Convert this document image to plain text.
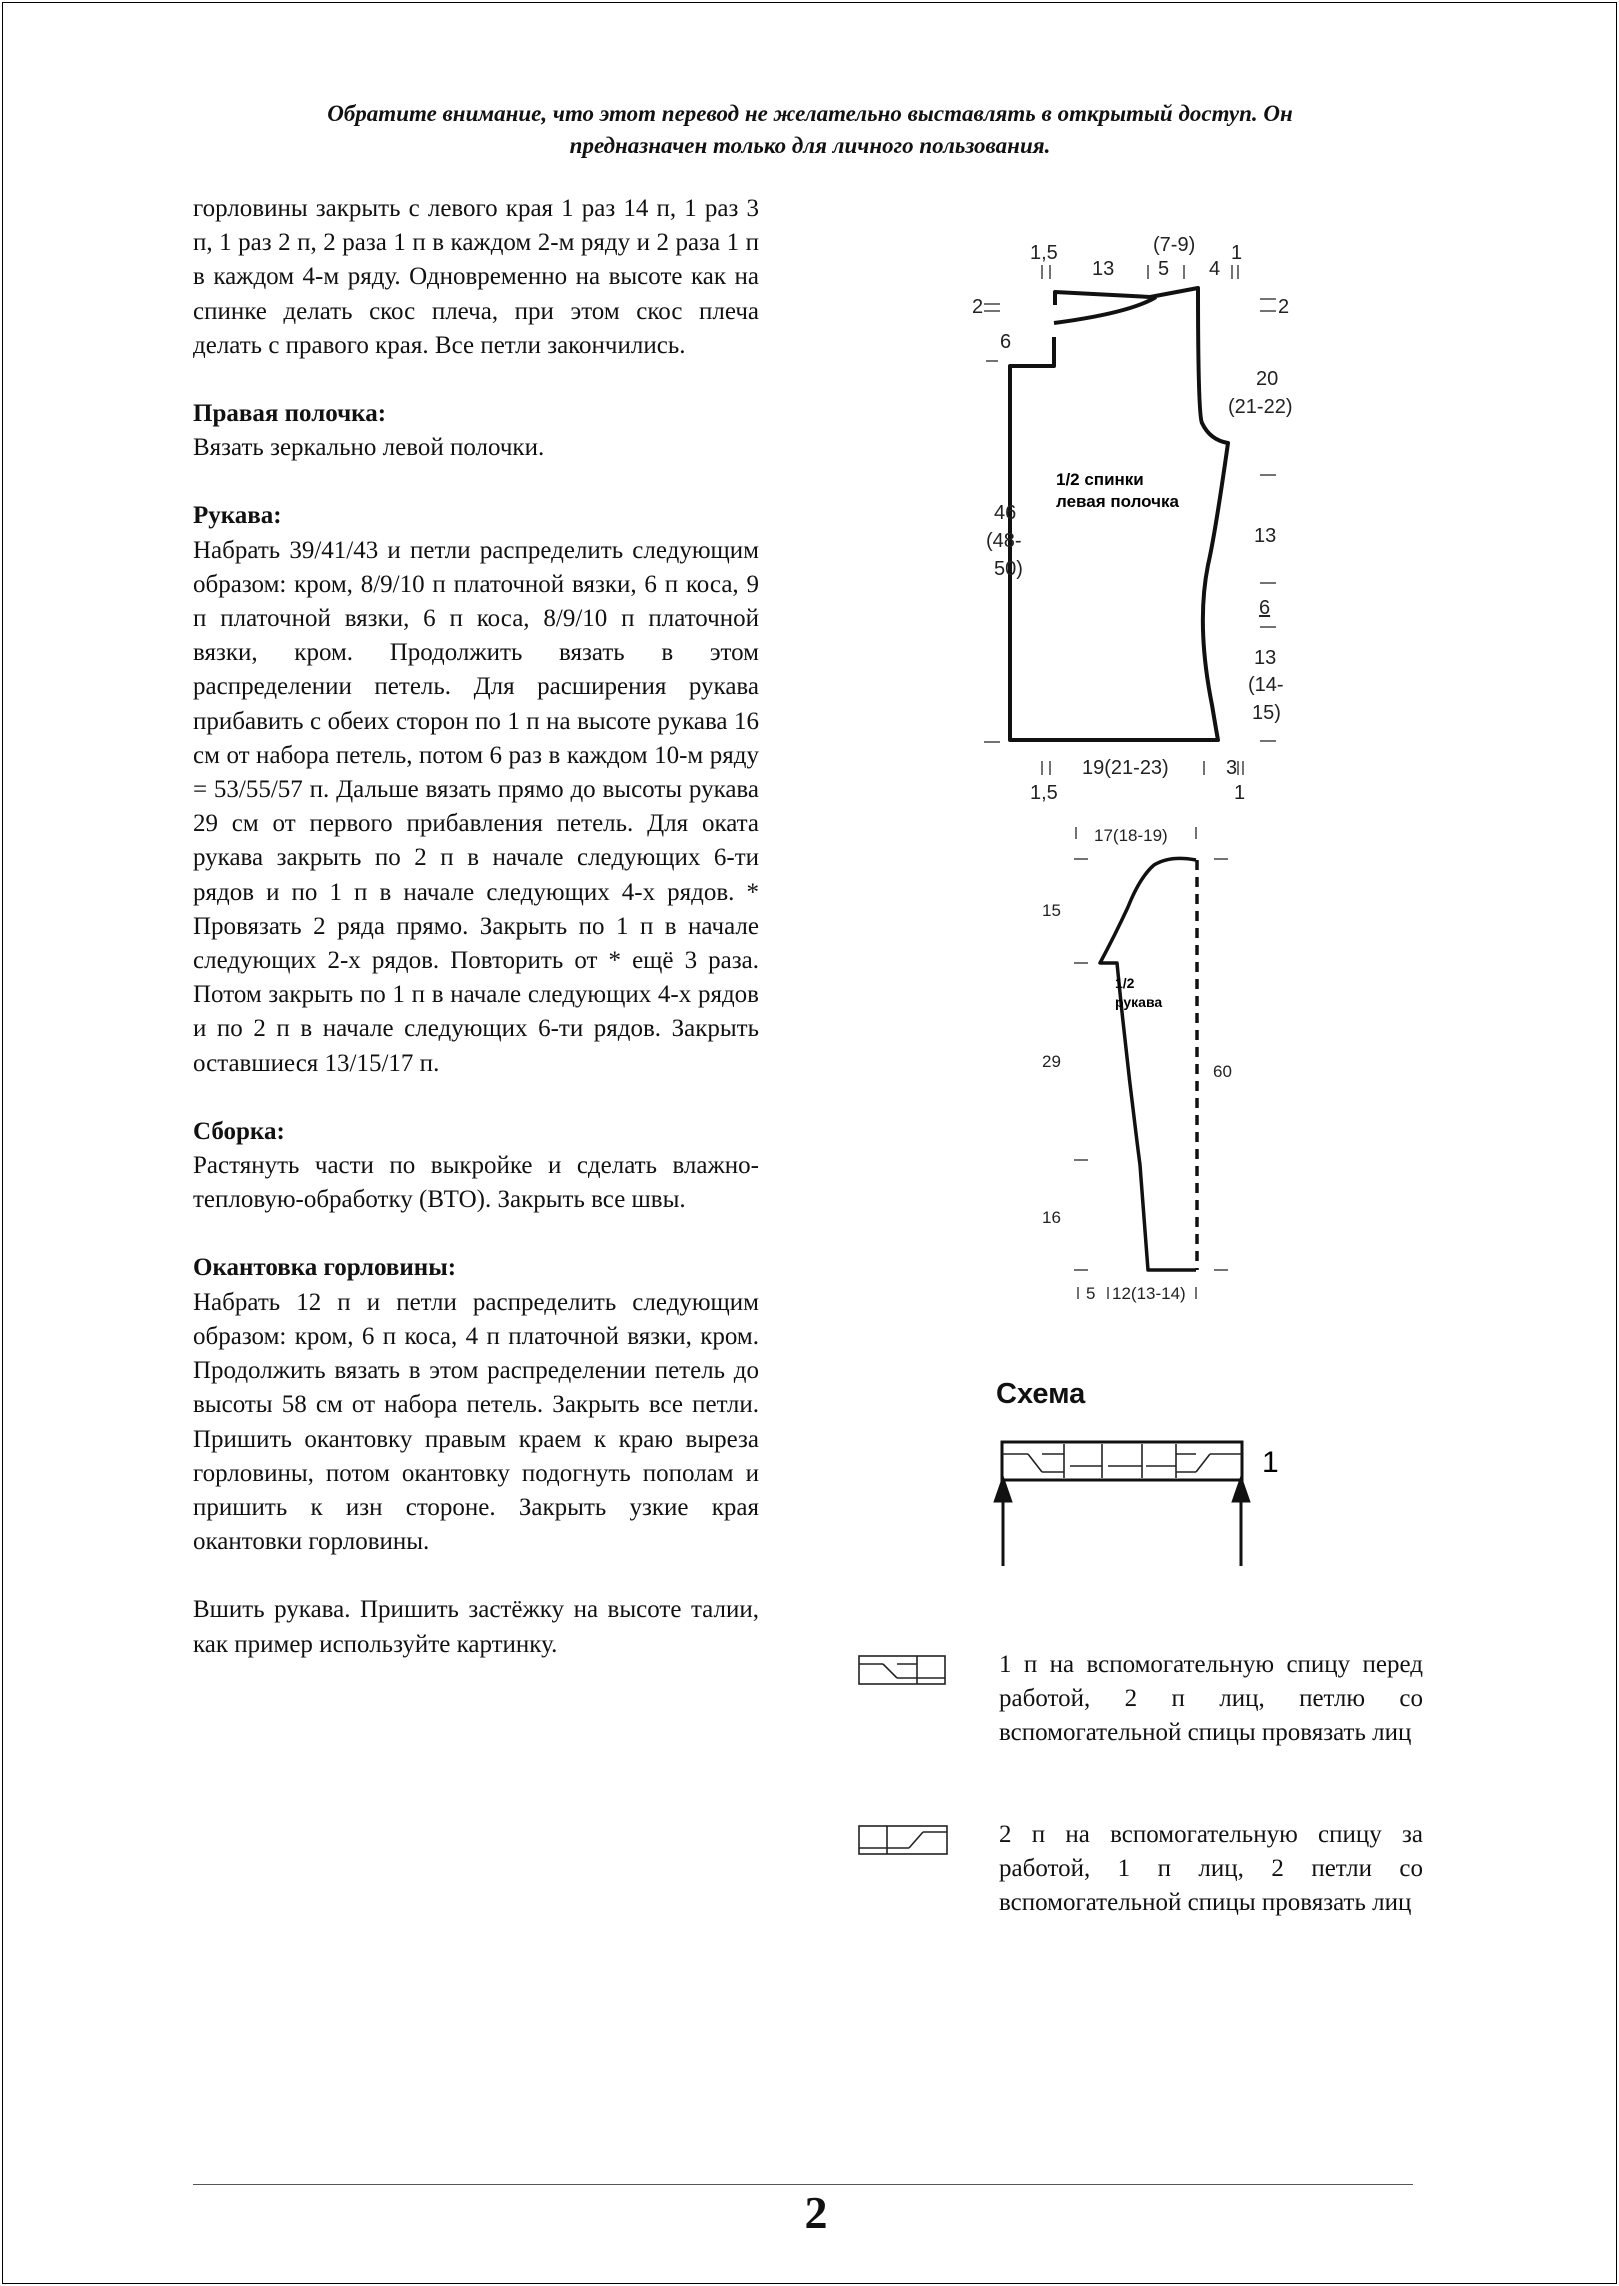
Обратите внимание, что этот перевод не желательно выставлять в открытый доступ. Он
предназначен только для личного пользования.

горловины закрыть с левого края 1 раз 14 п, 1 раз 3 п, 1 раз 2 п, 2 раза 1 п в каждом 2-м ряду и 2 раза 1 п в каждом 4-м ряду. Одновременно на высоте как на спинке делать скос плеча, при этом скос плеча делать с правого края. Все петли закончились.

Правая полочка:

Вязать зеркально левой полочки.

Рукава:

Набрать 39/41/43 и петли распределить следующим образом: кром, 8/9/10 п платочной вязки, 6 п коса, 9 п платочной вязки, 6 п коса, 8/9/10 п платочной вязки, кром. Продолжить вязать в этом распределении петель. Для расширения рукава прибавить с обеих сторон по 1 п на высоте рукава 16 см от набора петель, потом 6 раз в каждом 10-м ряду = 53/55/57 п. Дальше вязать прямо до высоты рукава 29 см от первого прибавления петель. Для оката рукава закрыть по 2 п в начале следующих 6-ти рядов и по 1 п в начале следующих 4-х рядов. * Провязать 2 ряда прямо. Закрыть по 1 п в начале следующих 2-х рядов. Повторить от * ещё 3 раза. Потом закрыть по 1 п в начале следующих 4-х рядов и по 2 п в начале следующих 6-ти рядов. Закрыть оставшиеся 13/15/17 п.

Сборка:

Растянуть части по выкройке и сделать влажно-тепловую-обработку (ВТО). Закрыть все швы.

Окантовка горловины:

Набрать 12 п и петли распределить следующим образом: кром, 6 п коса, 4 п платочной вязки, кром. Продолжить вязать в этом распределении петель до высоты 58 см от набора петель. Закрыть все петли. Пришить окантовку правым краем к краю выреза горловины, потом окантовку подогнуть пополам и пришить к изн стороне. Закрыть узкие края окантовки горловины.

Вшить рукава. Пришить застёжку на высоте талии, как пример используйте картинку.

1,5
13
(7-9)
5 4
1
2
6
2
20
(21-22)
1/2 спинки
левая полочка
46
(48-
50)
13
6
13
(14-
15)
19(21-23)	3
1,5	1
17(18-19)
15
1/2
рукава
29
60
16
5 12(13-14)
Схема
1
1 п на вспомогательную спицу перед работой, 2 п лиц, петлю со вспомогательной спицы провязать лиц
2 п на вспомогательную спицу за работой, 1 п лиц, 2 петли со вспомогательной спицы провязать лиц
2
